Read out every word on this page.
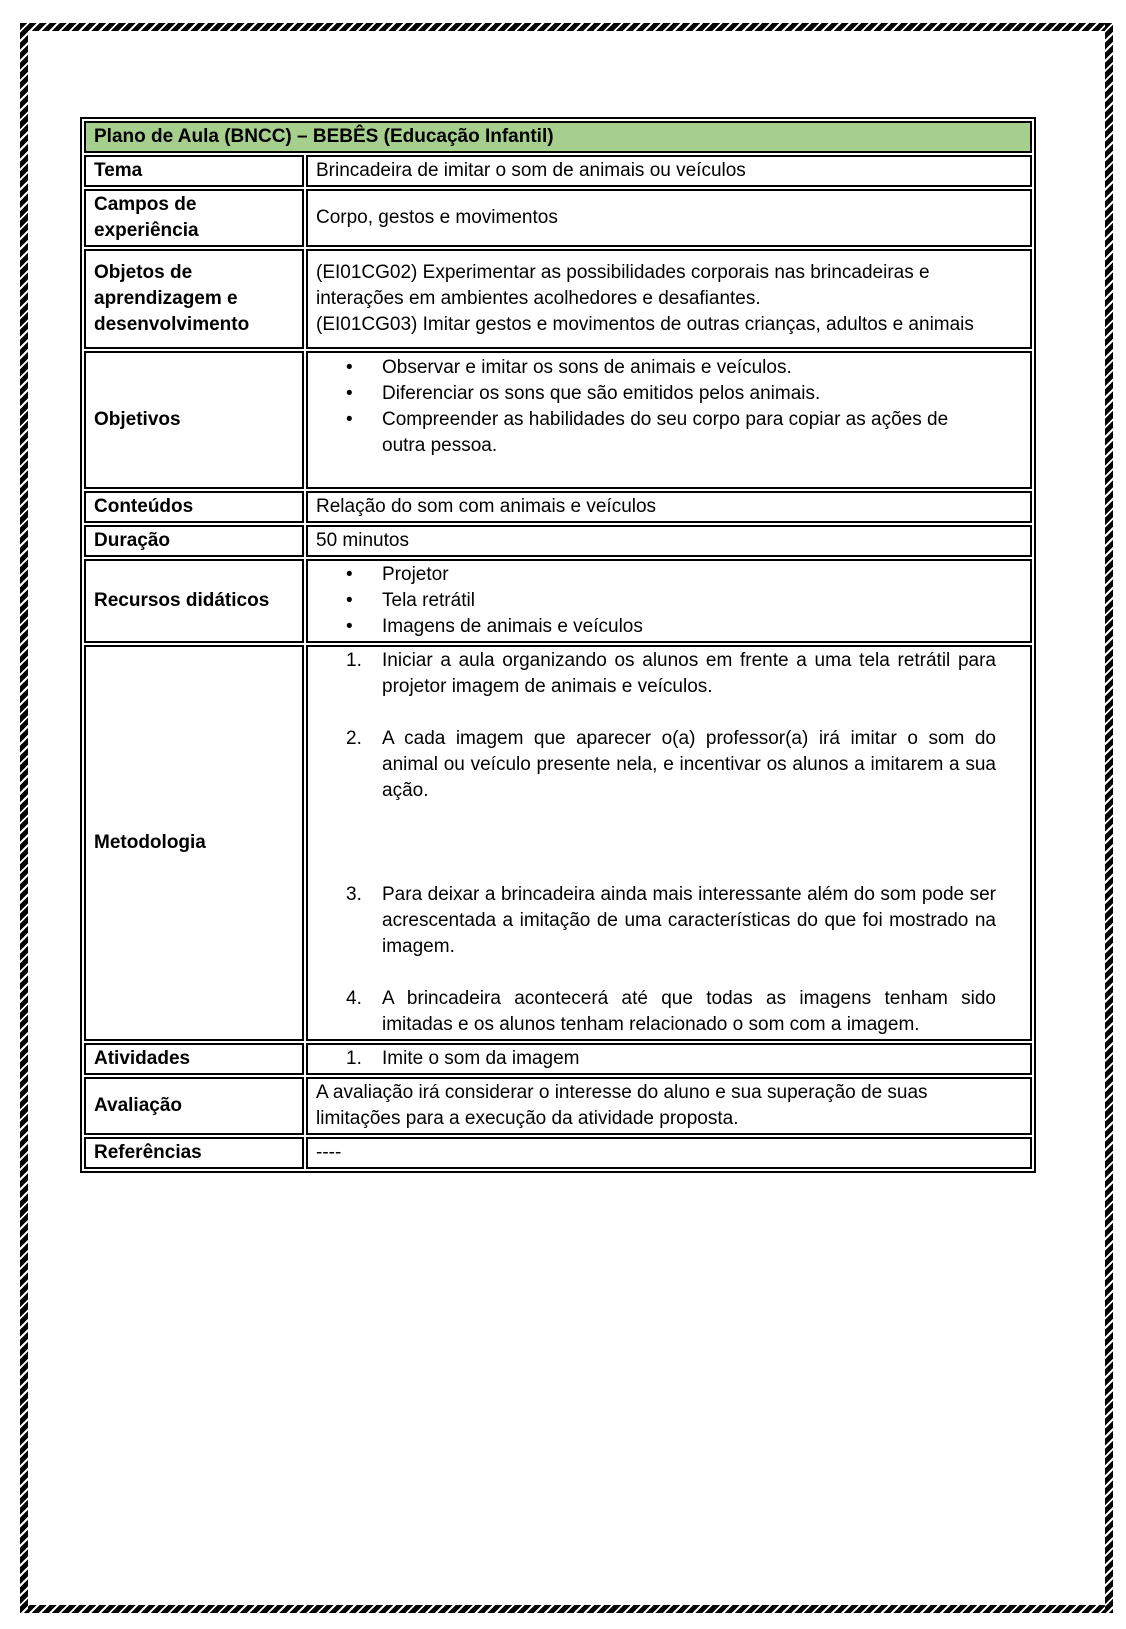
Plano de Aula (BNCC) – BEBÊS (Educação Infantil)	
Tema	Brincadeira de imitar o som de animais ou veículos
Campos de experiência	Corpo, gestos e movimentos
Objetos de aprendizagem e desenvolvimento	(EI01CG02) Experimentar as possibilidades corporais nas brincadeiras e interações em ambientes acolhedores e desafiantes.
(EI01CG03) Imitar gestos e movimentos de outras crianças, adultos e animais

Objetivos	
•	Observar e imitar os sons de animais e veículos.
•	Diferenciar os sons que são emitidos pelos animais.
•	Compreender as habilidades do seu corpo para copiar as ações de outra pessoa.

Conteúdos	Relação do som com animais e veículos
Duração	50 minutos
Recursos didáticos	
•	Projetor
•	Tela retrátil
•	Imagens de animais e veículos

Metodologia	
1.	Iniciar a aula organizando os alunos em frente a uma tela retrátil para projetor imagem de animais e veículos.
2.	A cada imagem que aparecer o(a) professor(a) irá imitar o som do animal ou veículo presente nela, e incentivar os alunos a imitarem a sua ação.
3.	Para deixar a brincadeira ainda mais interessante além do som pode ser acrescentada a imitação de uma características do que foi mostrado na imagem.
4.	A brincadeira acontecerá até que todas as imagens tenham sido imitadas e os alunos tenham relacionado o som com a imagem.

Atividades	1. Imite o som da imagem

Avaliação	A avaliação irá considerar o interesse do aluno e sua superação de suas limitações para a execução da atividade proposta.
Referências	----
